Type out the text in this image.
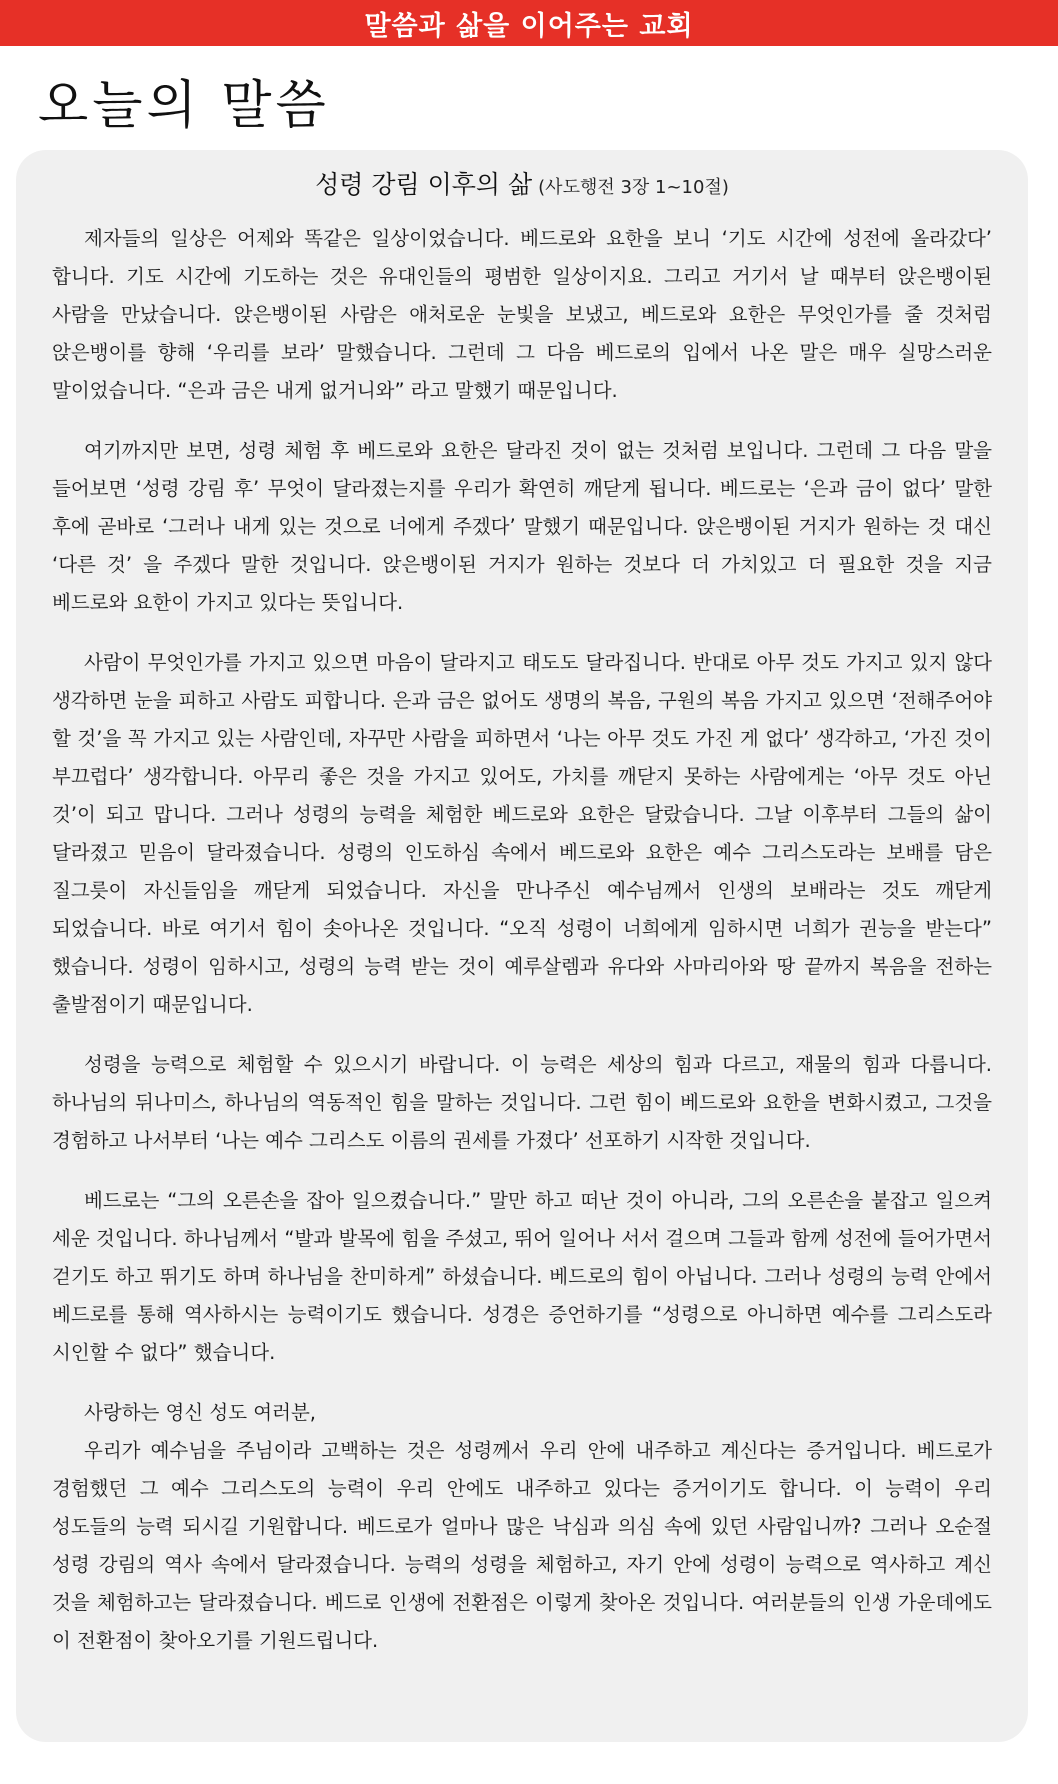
말씀과 삶을 이어주는 교회
오늘의 말씀
성령 강림 이후의 삶 (사도행전 3장 1~10절)

제자들의 일상은 어제와 똑같은 일상이었습니다. 베드로와 요한을 보니 ‘기도 시간에 성전에 올라갔다’ 합니다. 기도 시간에 기도하는 것은 유대인들의 평범한 일상이지요. 그리고 거기서 날 때부터 앉은뱅이된 사람을 만났습니다. 앉은뱅이된 사람은 애처로운 눈빛을 보냈고, 베드로와 요한은 무엇인가를 줄 것처럼 앉은뱅이를 향해 ‘우리를 보라’ 말했습니다. 그런데 그 다음 베드로의 입에서 나온 말은 매우 실망스러운 말이었습니다. “은과 금은 내게 없거니와” 라고 말했기 때문입니다.

여기까지만 보면, 성령 체험 후 베드로와 요한은 달라진 것이 없는 것처럼 보입니다. 그런데 그 다음 말을 들어보면 ‘성령 강림 후’ 무엇이 달라졌는지를 우리가 확연히 깨닫게 됩니다. 베드로는 ‘은과 금이 없다’ 말한 후에 곧바로 ‘그러나 내게 있는 것으로 너에게 주겠다’ 말했기 때문입니다. 앉은뱅이된 거지가 원하는 것 대신 ‘다른 것’ 을 주겠다 말한 것입니다. 앉은뱅이된 거지가 원하는 것보다 더 가치있고 더 필요한 것을 지금 베드로와 요한이 가지고 있다는 뜻입니다.

사람이 무엇인가를 가지고 있으면 마음이 달라지고 태도도 달라집니다. 반대로 아무 것도 가지고 있지 않다 생각하면 눈을 피하고 사람도 피합니다. 은과 금은 없어도 생명의 복음, 구원의 복음 가지고 있으면 ‘전해주어야 할 것’을 꼭 가지고 있는 사람인데, 자꾸만 사람을 피하면서 ‘나는 아무 것도 가진 게 없다’ 생각하고, ‘가진 것이 부끄럽다’ 생각합니다. 아무리 좋은 것을 가지고 있어도, 가치를 깨닫지 못하는 사람에게는 ‘아무 것도 아닌 것’이 되고 맙니다. 그러나 성령의 능력을 체험한 베드로와 요한은 달랐습니다. 그날 이후부터 그들의 삶이 달라졌고 믿음이 달라졌습니다. 성령의 인도하심 속에서 베드로와 요한은 예수 그리스도라는 보배를 담은 질그릇이 자신들임을 깨닫게 되었습니다. 자신을 만나주신 예수님께서 인생의 보배라는 것도 깨닫게 되었습니다. 바로 여기서 힘이 솟아나온 것입니다. “오직 성령이 너희에게 임하시면 너희가 권능을 받는다” 했습니다. 성령이 임하시고, 성령의 능력 받는 것이 예루살렘과 유다와 사마리아와 땅 끝까지 복음을 전하는 출발점이기 때문입니다.

성령을 능력으로 체험할 수 있으시기 바랍니다. 이 능력은 세상의 힘과 다르고, 재물의 힘과 다릅니다. 하나님의 뒤나미스, 하나님의 역동적인 힘을 말하는 것입니다. 그런 힘이 베드로와 요한을 변화시켰고, 그것을 경험하고 나서부터 ‘나는 예수 그리스도 이름의 권세를 가졌다’ 선포하기 시작한 것입니다.

베드로는 “그의 오른손을 잡아 일으켰습니다.” 말만 하고 떠난 것이 아니라, 그의 오른손을 붙잡고 일으켜 세운 것입니다. 하나님께서 “발과 발목에 힘을 주셨고, 뛰어 일어나 서서 걸으며 그들과 함께 성전에 들어가면서 걷기도 하고 뛰기도 하며 하나님을 찬미하게” 하셨습니다. 베드로의 힘이 아닙니다. 그러나 성령의 능력 안에서 베드로를 통해 역사하시는 능력이기도 했습니다. 성경은 증언하기를 “성령으로 아니하면 예수를 그리스도라 시인할 수 없다” 했습니다.

사랑하는 영신 성도 여러분,

우리가 예수님을 주님이라 고백하는 것은 성령께서 우리 안에 내주하고 계신다는 증거입니다. 베드로가 경험했던 그 예수 그리스도의 능력이 우리 안에도 내주하고 있다는 증거이기도 합니다. 이 능력이 우리 성도들의 능력 되시길 기원합니다. 베드로가 얼마나 많은 낙심과 의심 속에 있던 사람입니까? 그러나 오순절 성령 강림의 역사 속에서 달라졌습니다. 능력의 성령을 체험하고, 자기 안에 성령이 능력으로 역사하고 계신 것을 체험하고는 달라졌습니다. 베드로 인생에 전환점은 이렇게 찾아온 것입니다. 여러분들의 인생 가운데에도 이 전환점이 찾아오기를 기원드립니다.
